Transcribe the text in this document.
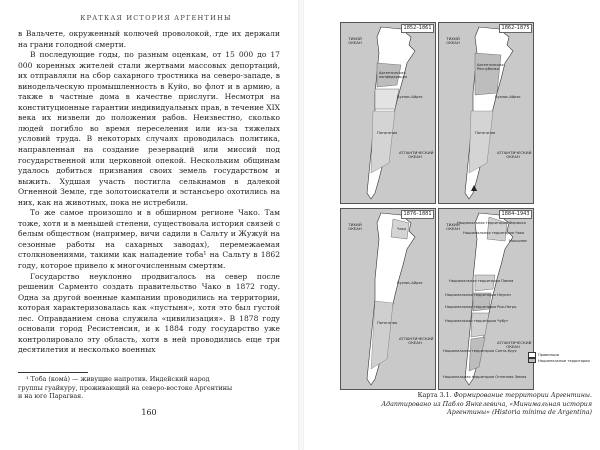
КРАТКАЯ ИСТОРИЯ АРГЕНТИНЫ

в Вальчете, окруженный колючей проволокой, где их держали на грани голодной смерти.

В последующие годы, по разным оценкам, от 15 000 до 17 000 коренных жителей стали жертвами массовых депортаций, их отправляли на сбор сахарного тростника на северо-западе, в винодельческую промышленность в Куйо, во флот и в армию, а также в частные дома в качестве прислуги. Несмотря на конституционные гарантии индивидуальных прав, в течение XIX века их низвели до положения рабов. Неизвестно, сколько людей погибло во время переселения или из-за тяжелых условий труда. В некоторых случаях проводилась политика, направленная на создание резерваций или миссий под государственной или церковной опекой. Нескольким общинам удалось добиться признания своих земель государством и выжить. Худшая участь постигла селькнамов в далекой Огненной Земле, где золотоискатели и эстансьеро охотились на них, как на животных, пока не истребили.

То же самое произошло и в обширном регионе Чако. Там тоже, хотя и в меньшей степени, существовала история связей с белым обществом (например, вичи садили в Сальту и Жужуй на сезонные работы на сахарных заводах), перемежаемая столкновениями, такими как нападение тоба¹ на Сальту в 1862 году, которое привело к многочисленным смертям.

Государство неуклонно продвигалось на север после решения Сарменто создать правительство Чако в 1872 году. Одна за другой военные кампании проводились на территории, которая характеризовалась как «пустыня», хотя это был густой лес. Оправданием снова служила «цивилизация». В 1878 году основали город Ресистенсия, и к 1884 году государство уже контролировало эту область, хотя в ней проводились еще три десятилетия и несколько военных

¹ Тоба (кома́) — живущие напротив. Индейский народ
группы гуайкуру, проживающий на северо-востоке Аргентины
и на юге Парагвая.
160
1852–1861
ТИХИЙ ОКЕАН
АТЛАНТИЧЕСКИЙ ОКЕАН
Аргентинская конфедерация
Буэнос-Айрес
Патагония
1862–1875
ТИХИЙ ОКЕАН
АТЛАНТИЧЕСКИЙ ОКЕАН
Аргентинская Республика
Буэнос-Айрес
Патагония
1876–1881
ТИХИЙ ОКЕАН
АТЛАНТИЧЕСКИЙ ОКЕАН
Чако
Буэнос-Айрес
Патагония
1884–1943
ТИХИЙ ОКЕАН
АТЛАНТИЧЕСКИЙ ОКЕАН
Национальная территория Формоса
Национальная территория Чако
Мисьонес
Национальная территория Пампа
Национальная территория Неукен
Национальная территория Рио-Негро
Национальная территория Чубут
Национальная территория Санта-Крус
Национальная территория Огненная Земля
▲
Провинции
Национальные территории
Карта 3.1. Формирование территории Аргентины. Адаптировано из Пабло Янкелевича, «Минимальная история Аргентины» (Historia mínima de Argentina)
